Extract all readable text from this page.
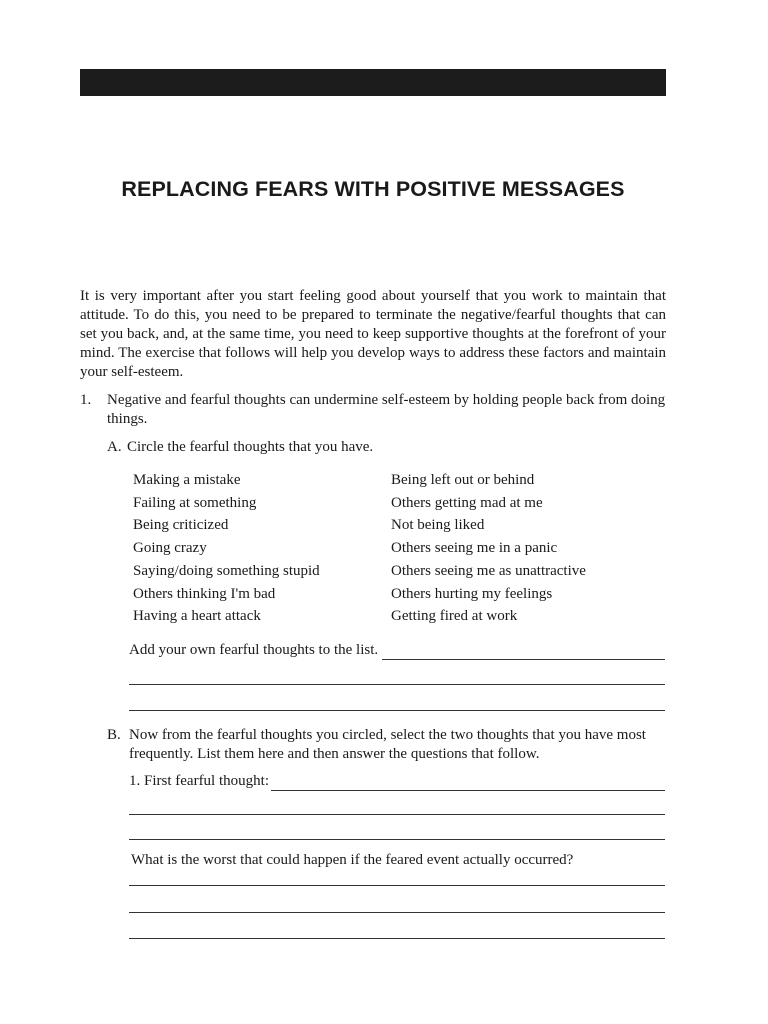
REPLACING FEARS WITH POSITIVE MESSAGES

It is very important after you start feeling good about yourself that you work to maintain that attitude. To do this, you need to be prepared to terminate the negative/fearful thoughts that can set you back, and, at the same time, you need to keep supportive thoughts at the forefront of your mind. The exercise that follows will help you develop ways to address these factors and maintain your self-esteem.

1. Negative and fearful thoughts can undermine self-esteem by holding people back from doing things.
A. Circle the fearful thoughts that you have.
Making a mistake
Failing at something
Being criticized
Going crazy
Saying/doing something stupid
Others thinking I'm bad
Having a heart attack
Being left out or behind
Others getting mad at me
Not being liked
Others seeing me in a panic
Others seeing me as unattractive
Others hurting my feelings
Getting fired at work
Add your own fearful thoughts to the list.
B. Now from the fearful thoughts you circled, select the two thoughts that you have most frequently. List them here and then answer the questions that follow.
1. First fearful thought:
What is the worst that could happen if the feared event actually occurred?
